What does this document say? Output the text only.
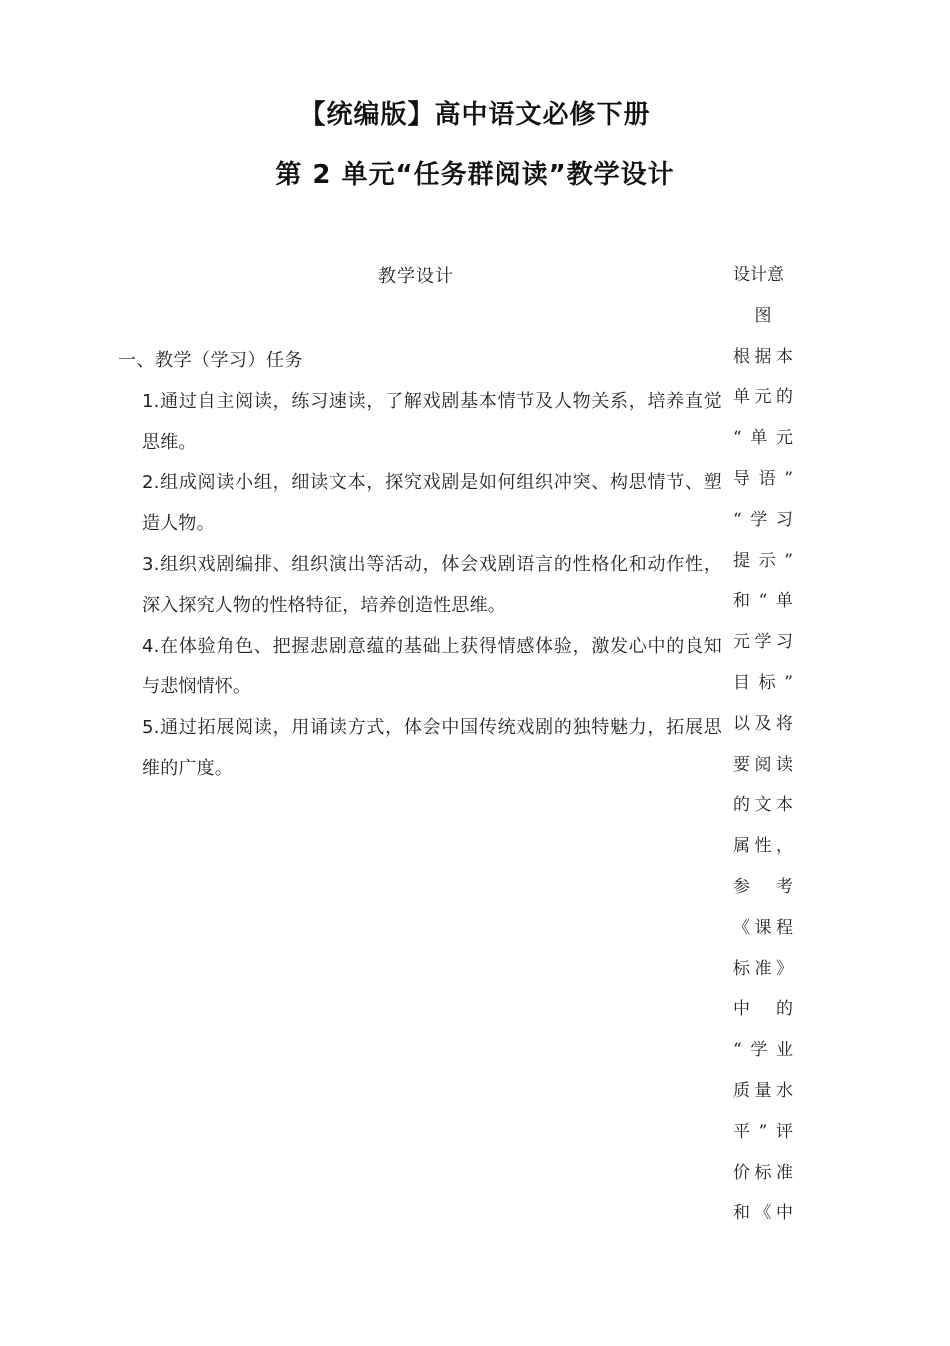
【统编版】高中语文必修下册
第 2 单元“任务群阅读”教学设计
教学设计	设计意
图
根 据 本
单 元 的
“ 单 元
导 语 ”
“ 学 习
提 示 ”
和 “ 单
元 学 习
目 标 ”
以 及 将
要 阅 读
的 文 本
属 性 ，
参
考
《 课 程
标 准 》
中
的
“ 学 业
质 量 水
平 ” 评
价 标 准
和 《 中
一、教学（学习）任务
1.通过自主阅读，练习速读，了解戏剧基本情节及人物关系，培养直觉思维。
2.组成阅读小组，细读文本，探究戏剧是如何组织冲突、构思情节、塑造人物。
3.组织戏剧编排、组织演出等活动，体会戏剧语言的性格化和动作性，深入探究人物的性格特征，培养创造性思维。
4.在体验角色、把握悲剧意蕴的基础上获得情感体验，激发心中的良知与悲悯情怀。
5.通过拓展阅读，用诵读方式，体会中国传统戏剧的独特魅力，拓展思维的广度。
